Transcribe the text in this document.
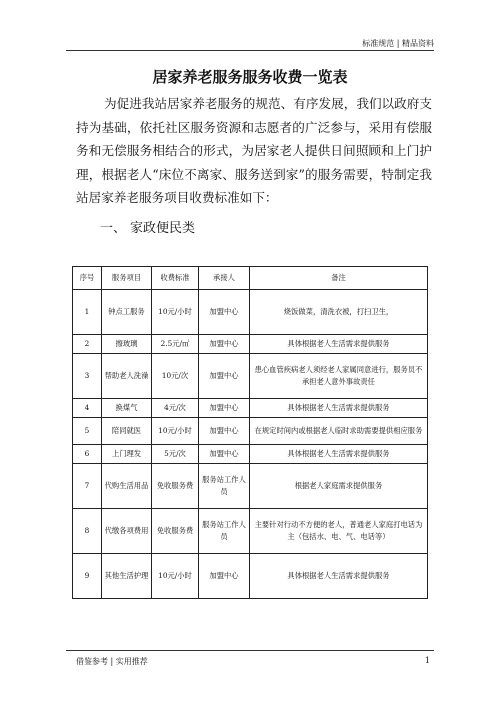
标准规范 | 精品资料
居家养老服务服务收费一览表

为促进我站居家养老服务的规范、有序发展，我们以政府支持为基础，依托社区服务资源和志愿者的广泛参与，采用有偿服务和无偿服务相结合的形式，为居家老人提供日间照顾和上门护理，根据老人“床位不离家、服务送到家”的服务需要，特制定我站居家养老服务项目收费标准如下：

一、 家政便民类
序号	服务项目	收费标准	承接人	备注
1	钟点工服务	10元/小时	加盟中心	烧饭做菜，清洗衣被，打扫卫生，
2	擦玻璃	2.5元/㎡	加盟中心	具体根据老人生活需求提供服务
3	帮助老人洗澡	10元/次	加盟中心	患心血管疾病老人须经老人家属同意进行，服务员不承担老人意外事故责任
4	换煤气	4元/次	加盟中心	具体根据老人生活需求提供服务
5	陪同就医	10元/小时	加盟中心	在规定时间内或根据老人临时求助需要提供相应服务
6	上门理发	5元/次	加盟中心	具体根据老人生活需求提供服务
7	代购生活用品	免收服务费	服务站工作人员	根据老人家庭需求提供服务
8	代缴各项费用	免收服务费	服务站工作人员	主要针对行动不方便的老人，普通老人家庭打电话为主（包括水、电、气、电话等）
9	其他生活护理	10元/小时	加盟中心	具体根据老人生活需求提供服务
借鉴参考 | 实用推荐	1
